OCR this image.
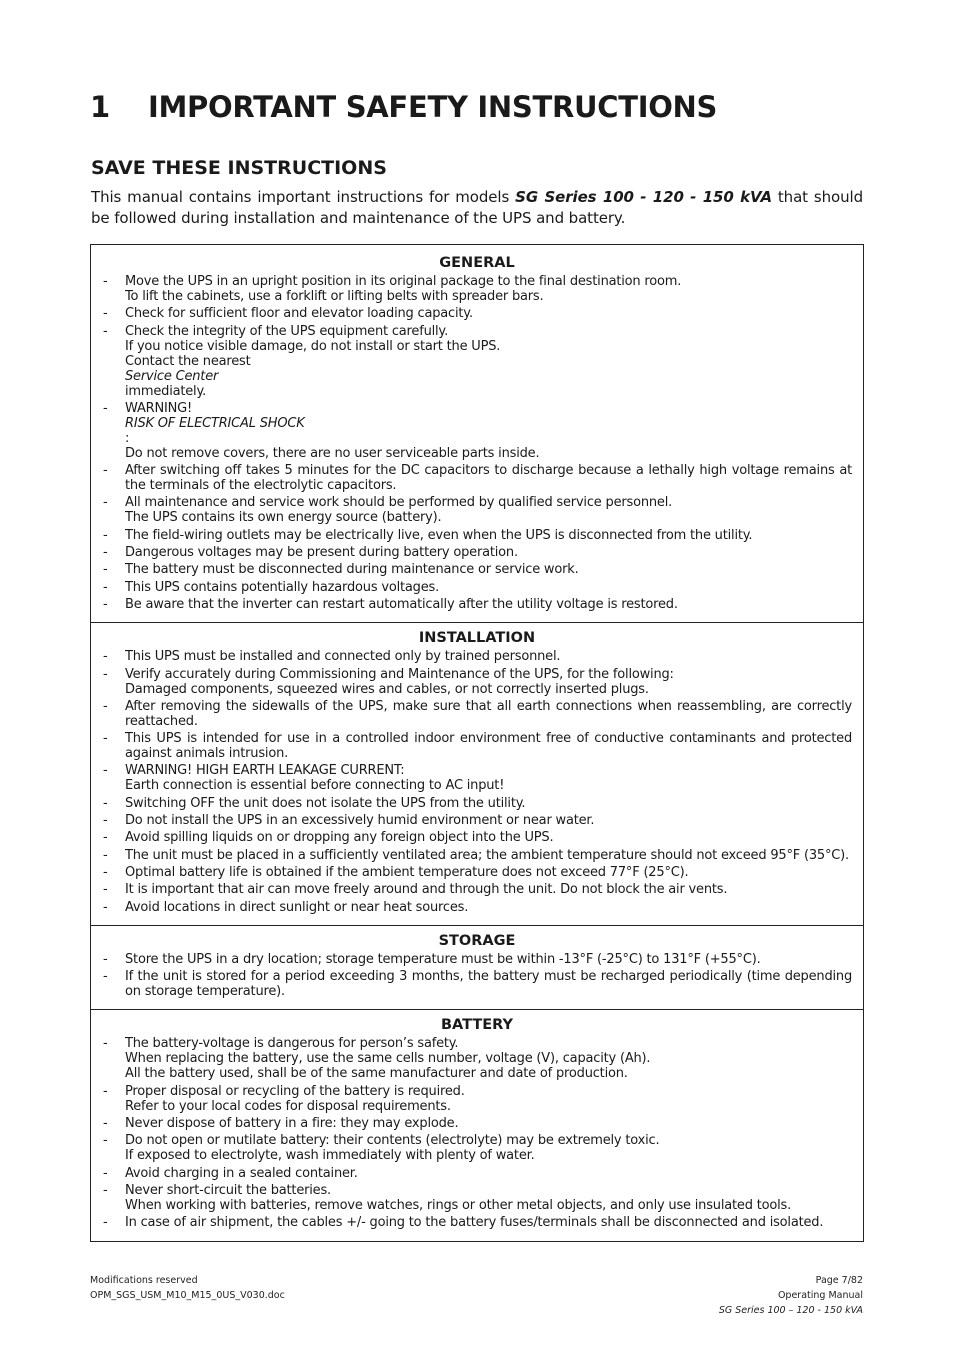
1 IMPORTANT SAFETY INSTRUCTIONS
SAVE THESE INSTRUCTIONS

This manual contains important instructions for models SG Series 100 - 120 - 150 kVA that should be followed during installation and maintenance of the UPS and battery.

GENERAL
- Move the UPS in an upright position in its original package to the final destination room.
To lift the cabinets, use a forklift or lifting belts with spreader bars.
- Check for sufficient floor and elevator loading capacity.
- Check the integrity of the UPS equipment carefully.
If you notice visible damage, do not install or start the UPS.
Contact the nearest
Service Center
immediately.
- WARNING!
RISK OF ELECTRICAL SHOCK
:
Do not remove covers, there are no user serviceable parts inside.
- After switching off takes 5 minutes for the DC capacitors to discharge because a lethally high voltage remains at the terminals of the electrolytic capacitors.
- All maintenance and service work should be performed by qualified service personnel.
The UPS contains its own energy source (battery).
- The field-wiring outlets may be electrically live, even when the UPS is disconnected from the utility.
- Dangerous voltages may be present during battery operation.
- The battery must be disconnected during maintenance or service work.
- This UPS contains potentially hazardous voltages.
- Be aware that the inverter can restart automatically after the utility voltage is restored.
INSTALLATION
- This UPS must be installed and connected only by trained personnel.
- Verify accurately during Commissioning and Maintenance of the UPS, for the following:
Damaged components, squeezed wires and cables, or not correctly inserted plugs.
- After removing the sidewalls of the UPS, make sure that all earth connections when reassembling, are correctly reattached.
- This UPS is intended for use in a controlled indoor environment free of conductive contaminants and protected against animals intrusion.
- WARNING! HIGH EARTH LEAKAGE CURRENT:
Earth connection is essential before connecting to AC input!
- Switching OFF the unit does not isolate the UPS from the utility.
- Do not install the UPS in an excessively humid environment or near water.
- Avoid spilling liquids on or dropping any foreign object into the UPS.
- The unit must be placed in a sufficiently ventilated area; the ambient temperature should not exceed 95°F (35°C).
- Optimal battery life is obtained if the ambient temperature does not exceed 77°F (25°C).
- It is important that air can move freely around and through the unit. Do not block the air vents.
- Avoid locations in direct sunlight or near heat sources.
STORAGE
- Store the UPS in a dry location; storage temperature must be within -13°F (-25°C) to 131°F (+55°C).
- If the unit is stored for a period exceeding 3 months, the battery must be recharged periodically (time depending on storage temperature).
BATTERY
- The battery-voltage is dangerous for person’s safety.
When replacing the battery, use the same cells number, voltage (V), capacity (Ah).
All the battery used, shall be of the same manufacturer and date of production.
- Proper disposal or recycling of the battery is required.
Refer to your local codes for disposal requirements.
- Never dispose of battery in a fire: they may explode.
- Do not open or mutilate battery: their contents (electrolyte) may be extremely toxic.
If exposed to electrolyte, wash immediately with plenty of water.
- Avoid charging in a sealed container.
- Never short-circuit the batteries.
When working with batteries, remove watches, rings or other metal objects, and only use insulated tools.
- In case of air shipment, the cables +/- going to the battery fuses/terminals shall be disconnected and isolated.
Modifications reserved
OPM_SGS_USM_M10_M15_0US_V030.doc
Page 7/82
Operating Manual
SG Series 100 – 120 - 150 kVA
